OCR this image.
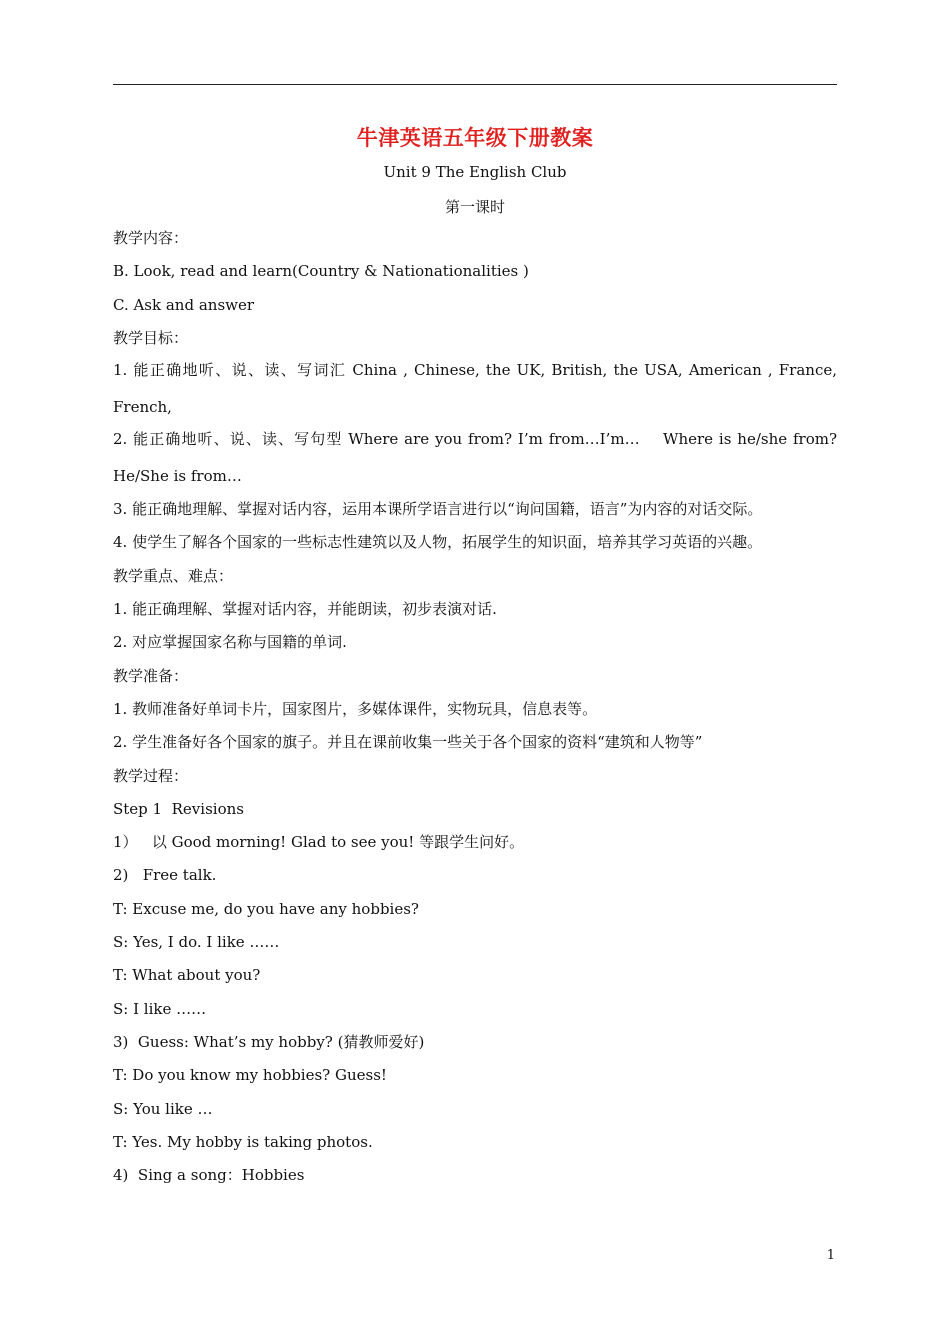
牛津英语五年级下册教案
Unit 9 The English Club
第一课时
教学内容：
B. Look, read and learn(Country & Nationationalities )
C. Ask and answer
教学目标：
1. 能正确地听、说、读、写词汇 China , Chinese, the UK, British, the USA, American , France, French,
2. 能正确地听、说、读、写句型 Where are you from? I’m from…I’m…    Where is he/she from? He/She is from…
3. 能正确地理解、掌握对话内容，运用本课所学语言进行以“询问国籍，语言”为内容的对话交际。
4. 使学生了解各个国家的一些标志性建筑以及人物，拓展学生的知识面，培养其学习英语的兴趣。
教学重点、难点：
1. 能正确理解、掌握对话内容，并能朗读，初步表演对话.
2. 对应掌握国家名称与国籍的单词.
教学准备：
1. 教师准备好单词卡片，国家图片，多媒体课件，实物玩具，信息表等。
2. 学生准备好各个国家的旗子。并且在课前收集一些关于各个国家的资料“建筑和人物等”
教学过程：
Step 1  Revisions
1）   以 Good morning! Glad to see you! 等跟学生问好。
2)   Free talk.
T: Excuse me, do you have any hobbies?
S: Yes, I do. I like ……
T: What about you?
S: I like ……
3)  Guess: What’s my hobby? (猜教师爱好)
T: Do you know my hobbies? Guess!
S: You like …
T: Yes. My hobby is taking photos.
4)  Sing a song：Hobbies
1
